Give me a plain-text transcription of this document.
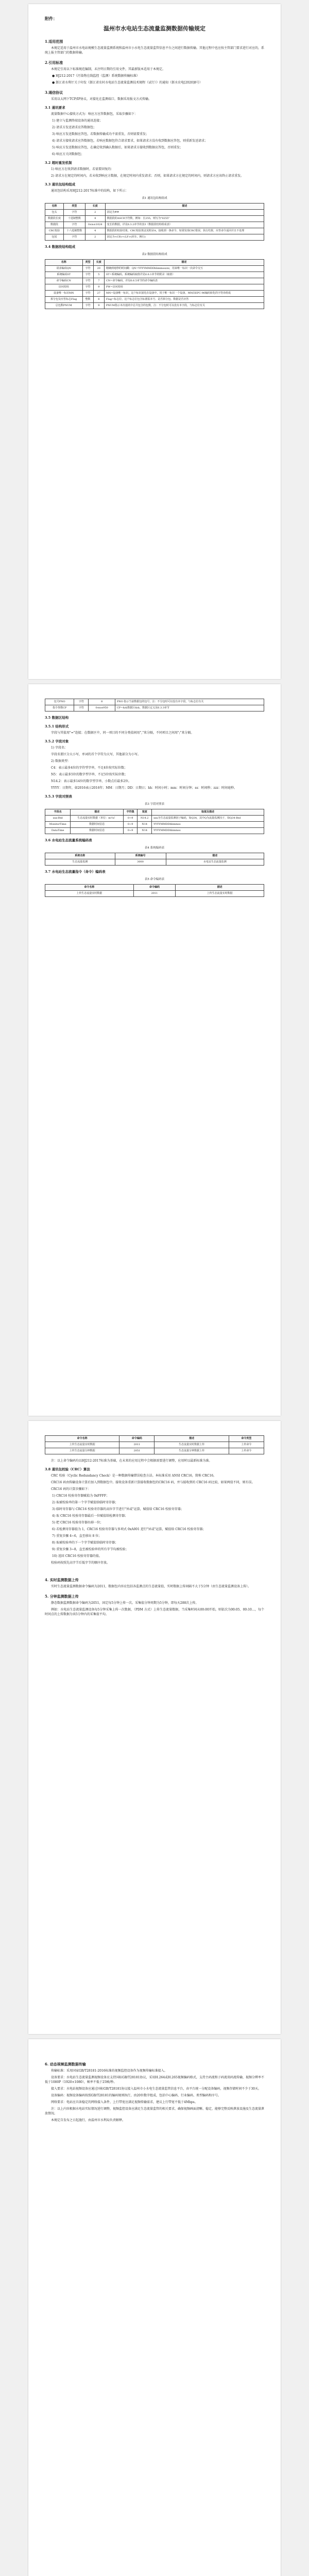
附件：
温州市水电站生态流量监测数据传输规定
1.适用范围

本规定适用于温州市水电站规模生态流量监测系统和温州市小水电生态流量监管信息平台之间进行数据传输。其他过程中也应按主管部门要求进行对应的，系统上报主管部门的数据传输。

2.引用标准

本规定引用以下标准规范编制，未注明日期的引用文件，其最新版本适用于本规定。

● HJ212-2017《污染物在线监控（监测）系统数据传输标准》

● 浙江省水利厅关于印发《浙江省农村水电站生态流量监测技术规程（试行）》的通知（浙水农电[2020]8号）

3.通信协议

采用以太网下TCP/IP协议，对接化在监测端口，数据采用报文方式传输。

3.1 通讯要求

流量数据中心接收方式为：响应方应答数据包，采取步骤如下：

1) 建立与监测终端设备的通讯连接；

2) 请求方发送请求应答数据包；

3) 响应方发送数据应答包，若数据传输成功不需重发，否则需要重发；

4) 请求方接收请求应答数据包，若响应数据包符合请求要求，如果请求方没有收到数据应答包，则重新发送请求；

5) 响应方发送数据应答包，在确定收到确认数据后，如果请求方接收到数据应答包，否则重发；

6) 响应方关闭数据包；

3.2 超时重发机制

1) 响应方在收到请求数据时，若需要回复的：

2) 请求方在规定的时间内，若未收到响应方数据，在规定时间内重发请求；否则，如果请求方在规定的时间内，则请求方应该终止请求重发。

3.3 通讯包结构组成

通讯包结构采用HJ212-2017标准中的结构，如下所示：

表1 通讯包结构组成
名称	类型	长度	描述
包头	字符	2	固定为##
数据段长度	十进制整数	4	数据段的ASCII字符数，例如：长255，则写为"0255"
数据段	字符	0≤n≤1024	变长的数据，详见6.3.2章节的表3《数据段结构组成表》
CRC校验	十六进制整数	4	数据段的校验结果，CRC校验算法见附录A。接收到一条命令，如果发现CRC错误，执行结果，应答命令返回并且不处理
包尾	字符	2	固定为<CR><LF>(回车、换行)
3.4 数据段结构组成
表2 数据段结构组成
名称	类型	长度	描述
请求编码QN	字符	20	精确到毫秒的时间戳：QN=YYYYMMDDhhmmsszzz，用来唯一标识一次命令交互
系统编码ST	字符	5	ST=系统编码，系统编码取值详见6.6.1章节的附录（取值）
命令编码CN	字符	7	CN=命令编码，详见6.6.5章节的命令编码表
访问密码	字符	9	PW=访问密码
设备唯一标识MN	字符	27	MN=设备唯一标识，这个标识固化在设备中，用于唯一标识一个设备。MN由EPC-96编码转化的字符串组成
拆分包及应答标志Flag	整数	8	Flag=标志位，这个标志位包含标准版本号、是否拆分包、数据是否应答
总包数PNUM	字符	9	PNUM指示本次通讯中总共包含的包数，注：不分包时可以没有本字段，与标志位有关
包号PNO	字符	8	PNO 指示当前数据包的包号，注：不分包时可以没有本字段，与标志位有关
指令参数CP	字符	0≤n≤950	CP=&&数据区&&，数据区定义见6.3.3章节
3.5 数据区结构
3.5.1 结构形式

字段与其值用"="连接；在数据区中，同一项目的不同分类值间用","来分隔，不同项目之间用";"来分隔。

3.5.2 字段对象

1) 字段名：

字段名要区分大小写，单词的首个字符为大写，其他部分为小写。

2) 数据类型：

C4：表示最多4位的字符型字串，不足4位按实际位数；

N5：表示最多5位的数字型字串，不足5位按实际位数；

N14.2：表示最多14位的数字型字串，小数点后最多2位。

YYYY：日期年，如2016表示2016年；MM：日期月；DD：日期日；hh：时间小时；mm：时间分钟；ss：时间秒；zzz：时间毫秒。

3.5.3 字段对照表
表3 字段对照表
字段名	描述	字符集	宽度	取值及描述
xxx-Rtd	生态流量实时数据（单位：m³/s）	0~9	N14.2	xxx为生态流量监测因子编码，如Q34，其中Q为流量监测因子，如Q34-Rtd
MonitorTime	数据时间信息	0~9	N14	YYYYMMDDhhmmss
DataTime	数据时间信息	0~9	N14	YYYYMMDDhhmmss
3.6 水电站生态流量系统编码表
表4 系统编码表
系统名称	系统编号	描述
生态流量监测	3000	水电站生态流量监测
3.7 水电站生态流量指令（命令）编码表
表5 命令编码表
命令名称	命令编码	描述
上传生态流量实时数据	2011	上传生态流量实时数据
命令名称	命令编码	描述	命令类型
上传生态流量实时数据	2011	生态流量实时数据上传	上传命令
上传生态流量分钟数据	2051	生态流量分钟数据上传	上传命令

注：以上命令编码均以HJ212-2017标准为基础，在未来的应用过程中会根据需要进行调整，应用时以最新标准为准。

3.8 通讯包校验（CRC）算法

CRC 校验（Cyclic Redundancy Check）是一种数据传输错误检查方法。本标准采用 ANSI CRC16，简称 CRC16。

CRC16 码由传输设备计算后加入到数据包中。接收设备重新计算接收数据包的CRC16 码，并与接收到的 CRC16 码比较，如果两值不同，则有误。

CRC16 码的计算步骤如下：

1) CRC16 校验寄存器赋值为 0xFFFF；

2) 取被校验串的第一个字节赋值给临时寄存器；

3) 临时寄存器与 CRC16 校验寄存器的高位字节进行"异或"运算，赋值给 CRC16 校验寄存器；

4) 取 CRC16 校验寄存器最后一位赋值给检测寄存器；

5) 把 CRC16 校验寄存器右移一位；

6) 若检测寄存器值为 1，CRC16 校验寄存器与多项式 0xA001 进行"异或"运算，赋值给 CRC16 校验寄存器；

7) 重复步骤 4~6，直至移出 8 位；

8) 取被校验串的下一个字节赋值给临时寄存器；

9) 重复步骤 3~8，直至被校验串的所有字节均被校验；

10) 返回 CRC16 校验寄存器的值。

校验码按照先高字节后低字节的顺序存放。

4. 实时监测数据上传

实时生态流量监测数据命令编码为2011，数据包内容应包括各监测点的生态流量值，实时数据上传间隔不大于5分钟（由生态流量监测设备上传）。

5. 分钟监测数据上传

静态数据监测数据命令编码为2051，固定每5分钟上传一次。采集值分钟周期为5分钟，即每天288次上传。

例如：水电站生态流量监测设备每5分钟采集上传一次数据，（PDM 方式）上传生态流量数据，当采集时间从00:00开始，则依次为00:05、00:10…，每个时间点的上传数据为该5分钟内的采集值平均。

6. 动态视频监测数据传输

传输标准：采用国家GB/T28181-2016标准的视频监控设备作为视频传输标准接入。

设备要求：水电站生态流量监测视频设备应支持国标GB/T28181协议，采用H.264或H.265视频编码格式，支持主码流和子码流双码流传输，视频分辨率不低于1080P（1920×1080），帧率不低于25帧/秒。

接入要求：水电站视频设备应通过国标GB/T28181协议接入温州市小水电生态流量监管信息平台，由平台统一分配设备编码，视频存储时间不少于30天。

设备编码：视频设备编码按照GB/T28181的编码规则执行，由20位数字组成，包括中心编码、行业编码、类型编码和序号。

网络要求：电站应具备稳定的网络接入条件，上行带宽应满足视频传输需求，建议上行带宽不低于4Mbps。

注：以上内容根据水电站实际情况进行调整，视频监控设备应满足生态流量监管的相关要求，确保视频画面清晰、稳定，能够完整反映泄放设施及生态流量泄放情况。

本规定自发布之日起施行，由温州市水利局负责解释。
